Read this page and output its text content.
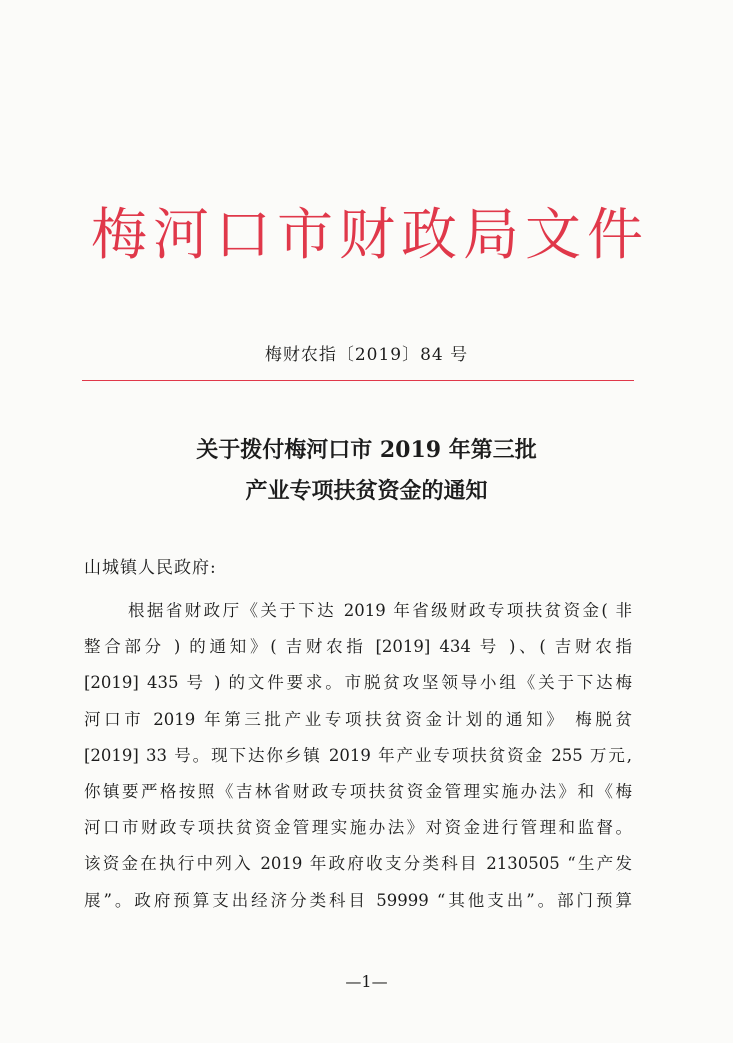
梅河口市财政局文件
梅财农指〔2019〕84 号
关于拨付梅河口市 2019 年第三批
产业专项扶贫资金的通知
山城镇人民政府:
根据省财政厅《关于下达 2019 年省级财政专项扶贫资金( 非
整合部分 ) 的通知》( 吉财农指 [2019] 434 号 )、( 吉财农指
[2019] 435 号 ) 的文件要求。市脱贫攻坚领导小组《关于下达梅
河口市 2019 年第三批产业专项扶贫资金计划的通知》 梅脱贫
[2019] 33 号。现下达你乡镇 2019 年产业专项扶贫资金 255 万元,
你镇要严格按照《吉林省财政专项扶贫资金管理实施办法》和《梅
河口市财政专项扶贫资金管理实施办法》对资金进行管理和监督。
该资金在执行中列入 2019 年政府收支分类科目 2130505 “生产发
展”。政府预算支出经济分类科目 59999 “其他支出”。部门预算
—1—
